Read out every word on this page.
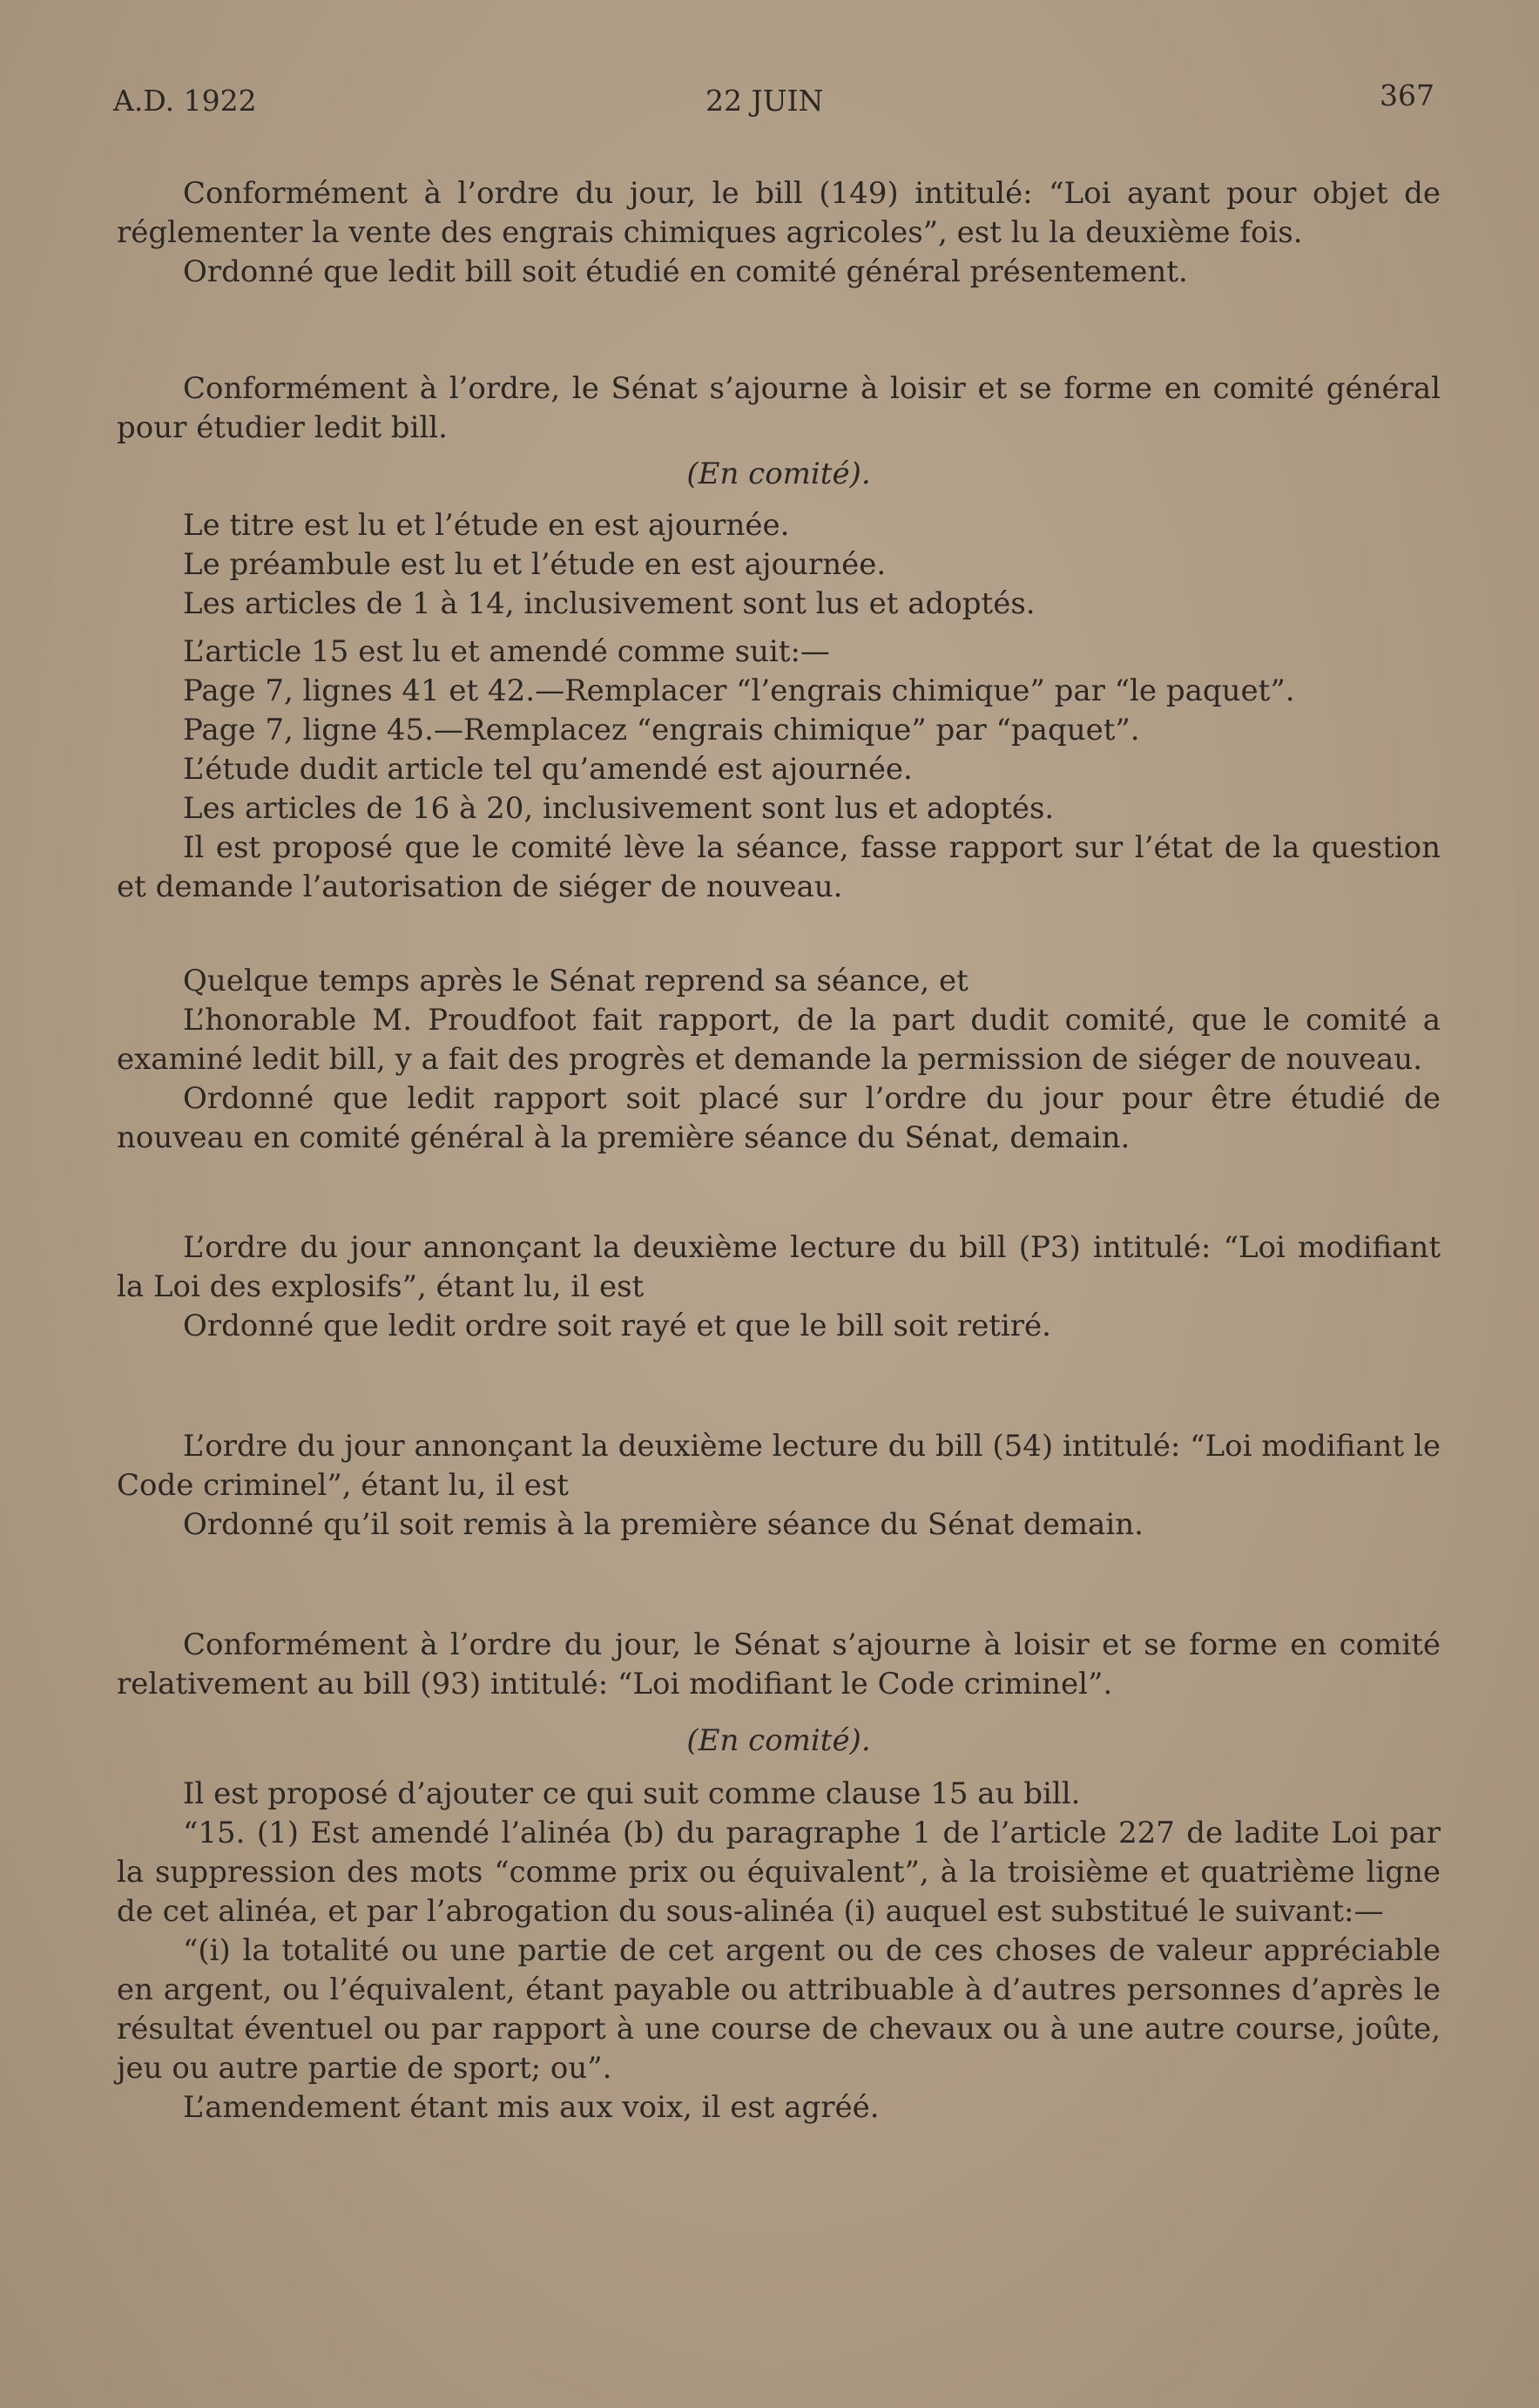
A.D. 1922	22 JUIN	367

Conformément à l’ordre du jour, le bill (149) intitulé: “Loi ayant pour objet de réglementer la vente des engrais chimiques agricoles”, est lu la deuxième fois.

Ordonné que ledit bill soit étudié en comité général présentement.

Conformément à l’ordre, le Sénat s’ajourne à loisir et se forme en comité général pour étudier ledit bill.

(En comité).

Le titre est lu et l’étude en est ajournée.

Le préambule est lu et l’étude en est ajournée.

Les articles de 1 à 14, inclusivement sont lus et adoptés.

L’article 15 est lu et amendé comme suit:—

Page 7, lignes 41 et 42.—Remplacer “l’engrais chimique” par “le paquet”.

Page 7, ligne 45.—Remplacez “engrais chimique” par “paquet”.

L’étude dudit article tel qu’amendé est ajournée.

Les articles de 16 à 20, inclusivement sont lus et adoptés.

Il est proposé que le comité lève la séance, fasse rapport sur l’état de la question et demande l’autorisation de siéger de nouveau.

Quelque temps après le Sénat reprend sa séance, et

L’honorable M. Proudfoot fait rapport, de la part dudit comité, que le comité a examiné ledit bill, y a fait des progrès et demande la permission de siéger de nouveau.

Ordonné que ledit rapport soit placé sur l’ordre du jour pour être étudié de nouveau en comité général à la première séance du Sénat, demain.

L’ordre du jour annonçant la deuxième lecture du bill (P3) intitulé: “Loi modifiant la Loi des explosifs”, étant lu, il est

Ordonné que ledit ordre soit rayé et que le bill soit retiré.

L’ordre du jour annonçant la deuxième lecture du bill (54) intitulé: “Loi modifiant le Code criminel”, étant lu, il est

Ordonné qu’il soit remis à la première séance du Sénat demain.

Conformément à l’ordre du jour, le Sénat s’ajourne à loisir et se forme en comité relativement au bill (93) intitulé: “Loi modifiant le Code criminel”.

(En comité).

Il est proposé d’ajouter ce qui suit comme clause 15 au bill.

“15. (1) Est amendé l’alinéa (b) du paragraphe 1 de l’article 227 de ladite Loi par la suppression des mots “comme prix ou équivalent”, à la troisième et quatrième ligne de cet alinéa, et par l’abrogation du sous-alinéa (i) auquel est substitué le suivant:—

“(i) la totalité ou une partie de cet argent ou de ces choses de valeur appréciable en argent, ou l’équivalent, étant payable ou attribuable à d’autres personnes d’après le résultat éventuel ou par rapport à une course de chevaux ou à une autre course, joûte, jeu ou autre partie de sport; ou”.

L’amendement étant mis aux voix, il est agréé.
